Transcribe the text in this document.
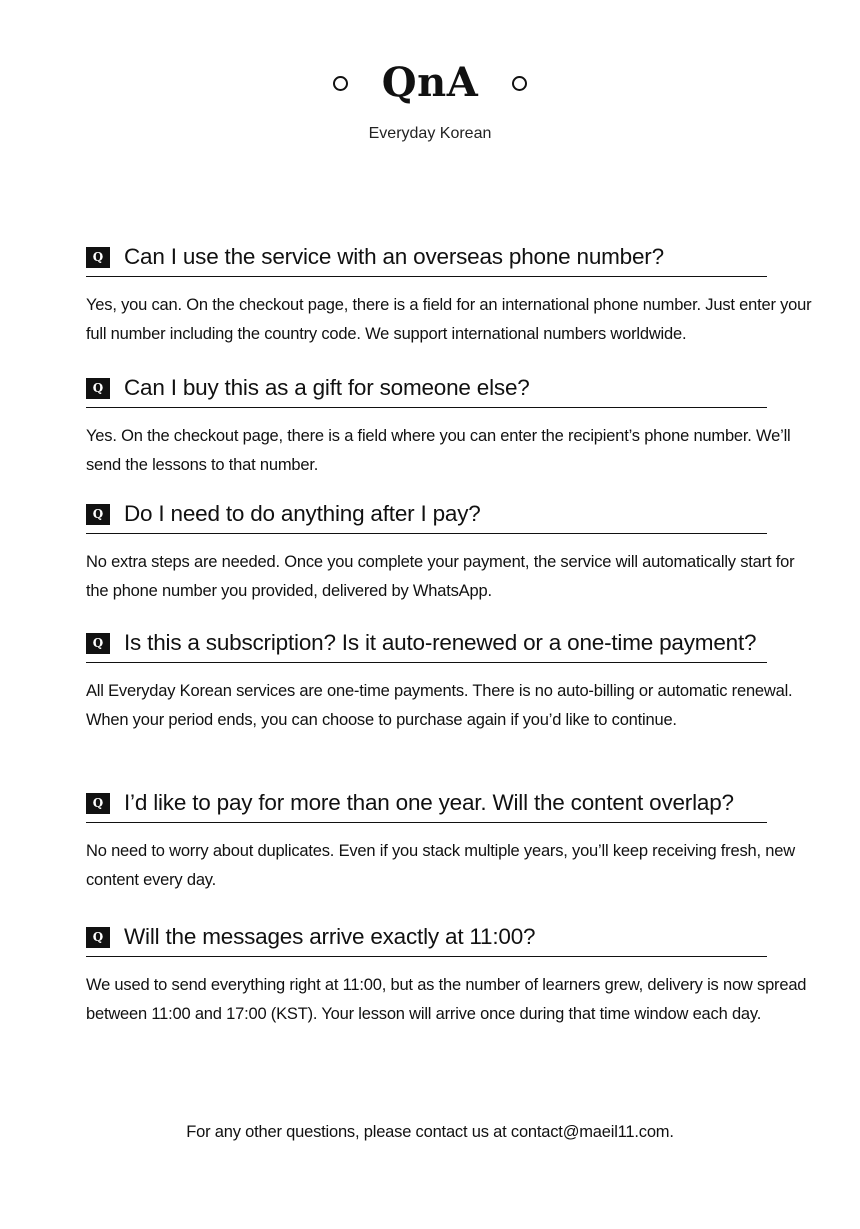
QnA
Everyday Korean
Q Can I use the service with an overseas phone number?
Yes, you can. On the checkout page, there is a field for an international phone number. Just enter your full number including the country code. We support international numbers worldwide.
Q Can I buy this as a gift for someone else?
Yes. On the checkout page, there is a field where you can enter the recipient’s phone number. We’ll send the lessons to that number.
Q Do I need to do anything after I pay?
No extra steps are needed. Once you complete your payment, the service will automatically start for the phone number you provided, delivered by WhatsApp.
Q Is this a subscription? Is it auto-renewed or a one-time payment?
All Everyday Korean services are one-time payments. There is no auto-billing or automatic renewal. When your period ends, you can choose to purchase again if you’d like to continue.
Q I’d like to pay for more than one year. Will the content overlap?
No need to worry about duplicates. Even if you stack multiple years, you’ll keep receiving fresh, new content every day.
Q Will the messages arrive exactly at 11:00?
We used to send everything right at 11:00, but as the number of learners grew, delivery is now spread between 11:00 and 17:00 (KST). Your lesson will arrive once during that time window each day.
For any other questions, please contact us at contact@maeil11.com.
